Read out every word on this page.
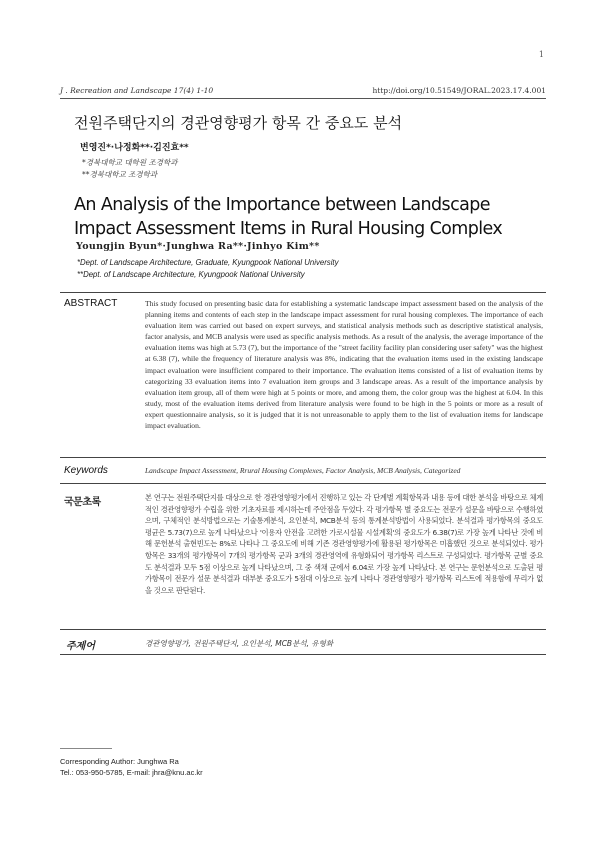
1
J . Recreation and Landscape 17(4) 1-10	http://doi.org/10.51549/JORAL.2023.17.4.001
전원주택단지의 경관영향평가 항목 간 중요도 분석
변영진*·나정화**·김진효**
*경북대학교 대학원 조경학과
**경북대학교 조경학과
An Analysis of the Importance between Landscape Impact Assessment Items in Rural Housing Complex
Youngjin Byun*·Junghwa Ra**·Jinhyo Kim**
*Dept. of Landscape Architecture, Graduate, Kyungpook National University
**Dept. of Landscape Architecture, Kyungpook National University
ABSTRACT	This study focused on presenting basic data for establishing a systematic landscape impact assessment based on the analysis of the planning items and contents of each step in the landscape impact assessment for rural housing complexes. The importance of each evaluation item was carried out based on expert surveys, and statistical analysis methods such as descriptive statistical analysis, factor analysis, and MCB analysis were used as specific analysis methods. As a result of the analysis, the average importance of the evaluation items was high at 5.73 (7), but the importance of the "street facility facility plan considering user safety" was the highest at 6.38 (7), while the frequency of literature analysis was 8%, indicating that the evaluation items used in the existing landscape impact evaluation were insufficient compared to their importance. The evaluation items consisted of a list of evaluation items by categorizing 33 evaluation items into 7 evaluation item groups and 3 landscape areas. As a result of the importance analysis by evaluation item group, all of them were high at 5 points or more, and among them, the color group was the highest at 6.04. In this study, most of the evaluation items derived from literature analysis were found to be high in the 5 points or more as a result of expert questionnaire analysis, so it is judged that it is not unreasonable to apply them to the list of evaluation items for landscape impact evaluation.
Keywords	Landscape Impact Assessment, Rrural Housing Complexes, Factor Analysis, MCB Analysis, Categorized
국문초록	본 연구는 전원주택단지를 대상으로 한 경관영향평가에서 진행하고 있는 각 단계별 계획항목과 내용 등에 대한 분석을 바탕으로 체계적인 경관영향평가 수립을 위한 기초자료를 제시하는데 주안점을 두었다. 각 평가항목 별 중요도는 전문가 설문을 바탕으로 수행하였으며, 구체적인 분석방법으로는 기술통계분석, 요인분석, MCB분석 등의 통계분석방법이 사용되었다. 분석결과 평가항목의 중요도 평균은 5.73(7)으로 높게 나타났으나 '이용자 안전을 고려한 가로시설물 시설계획'의 중요도가 6.38(7)로 가장 높게 나타난 것에 비해 문헌분석 출현빈도는 8%로 나타나 그 중요도에 비해 기존 경관영향평가에 활용된 평가항목은 미흡했던 것으로 분석되었다. 평가항목은 33개의 평가항목이 7개의 평가항목 군과 3개의 경관영역에 유형화되어 평가항목 리스트로 구성되었다. 평가항목 군별 중요도 분석결과 모두 5점 이상으로 높게 나타났으며, 그 중 색채 군에서 6.04로 가장 높게 나타났다. 본 연구는 문헌분석으로 도출된 평가항목이 전문가 설문 분석결과 대부분 중요도가 5점대 이상으로 높게 나타나 경관영향평가 평가항목 리스트에 적용함에 무리가 없을 것으로 판단된다.
주제어	경관영향평가, 전원주택단지, 요인분석, MCB분석, 유형화
Corresponding Author: Junghwa Ra
Tel.: 053-950-5785, E-mail: jhra@knu.ac.kr
